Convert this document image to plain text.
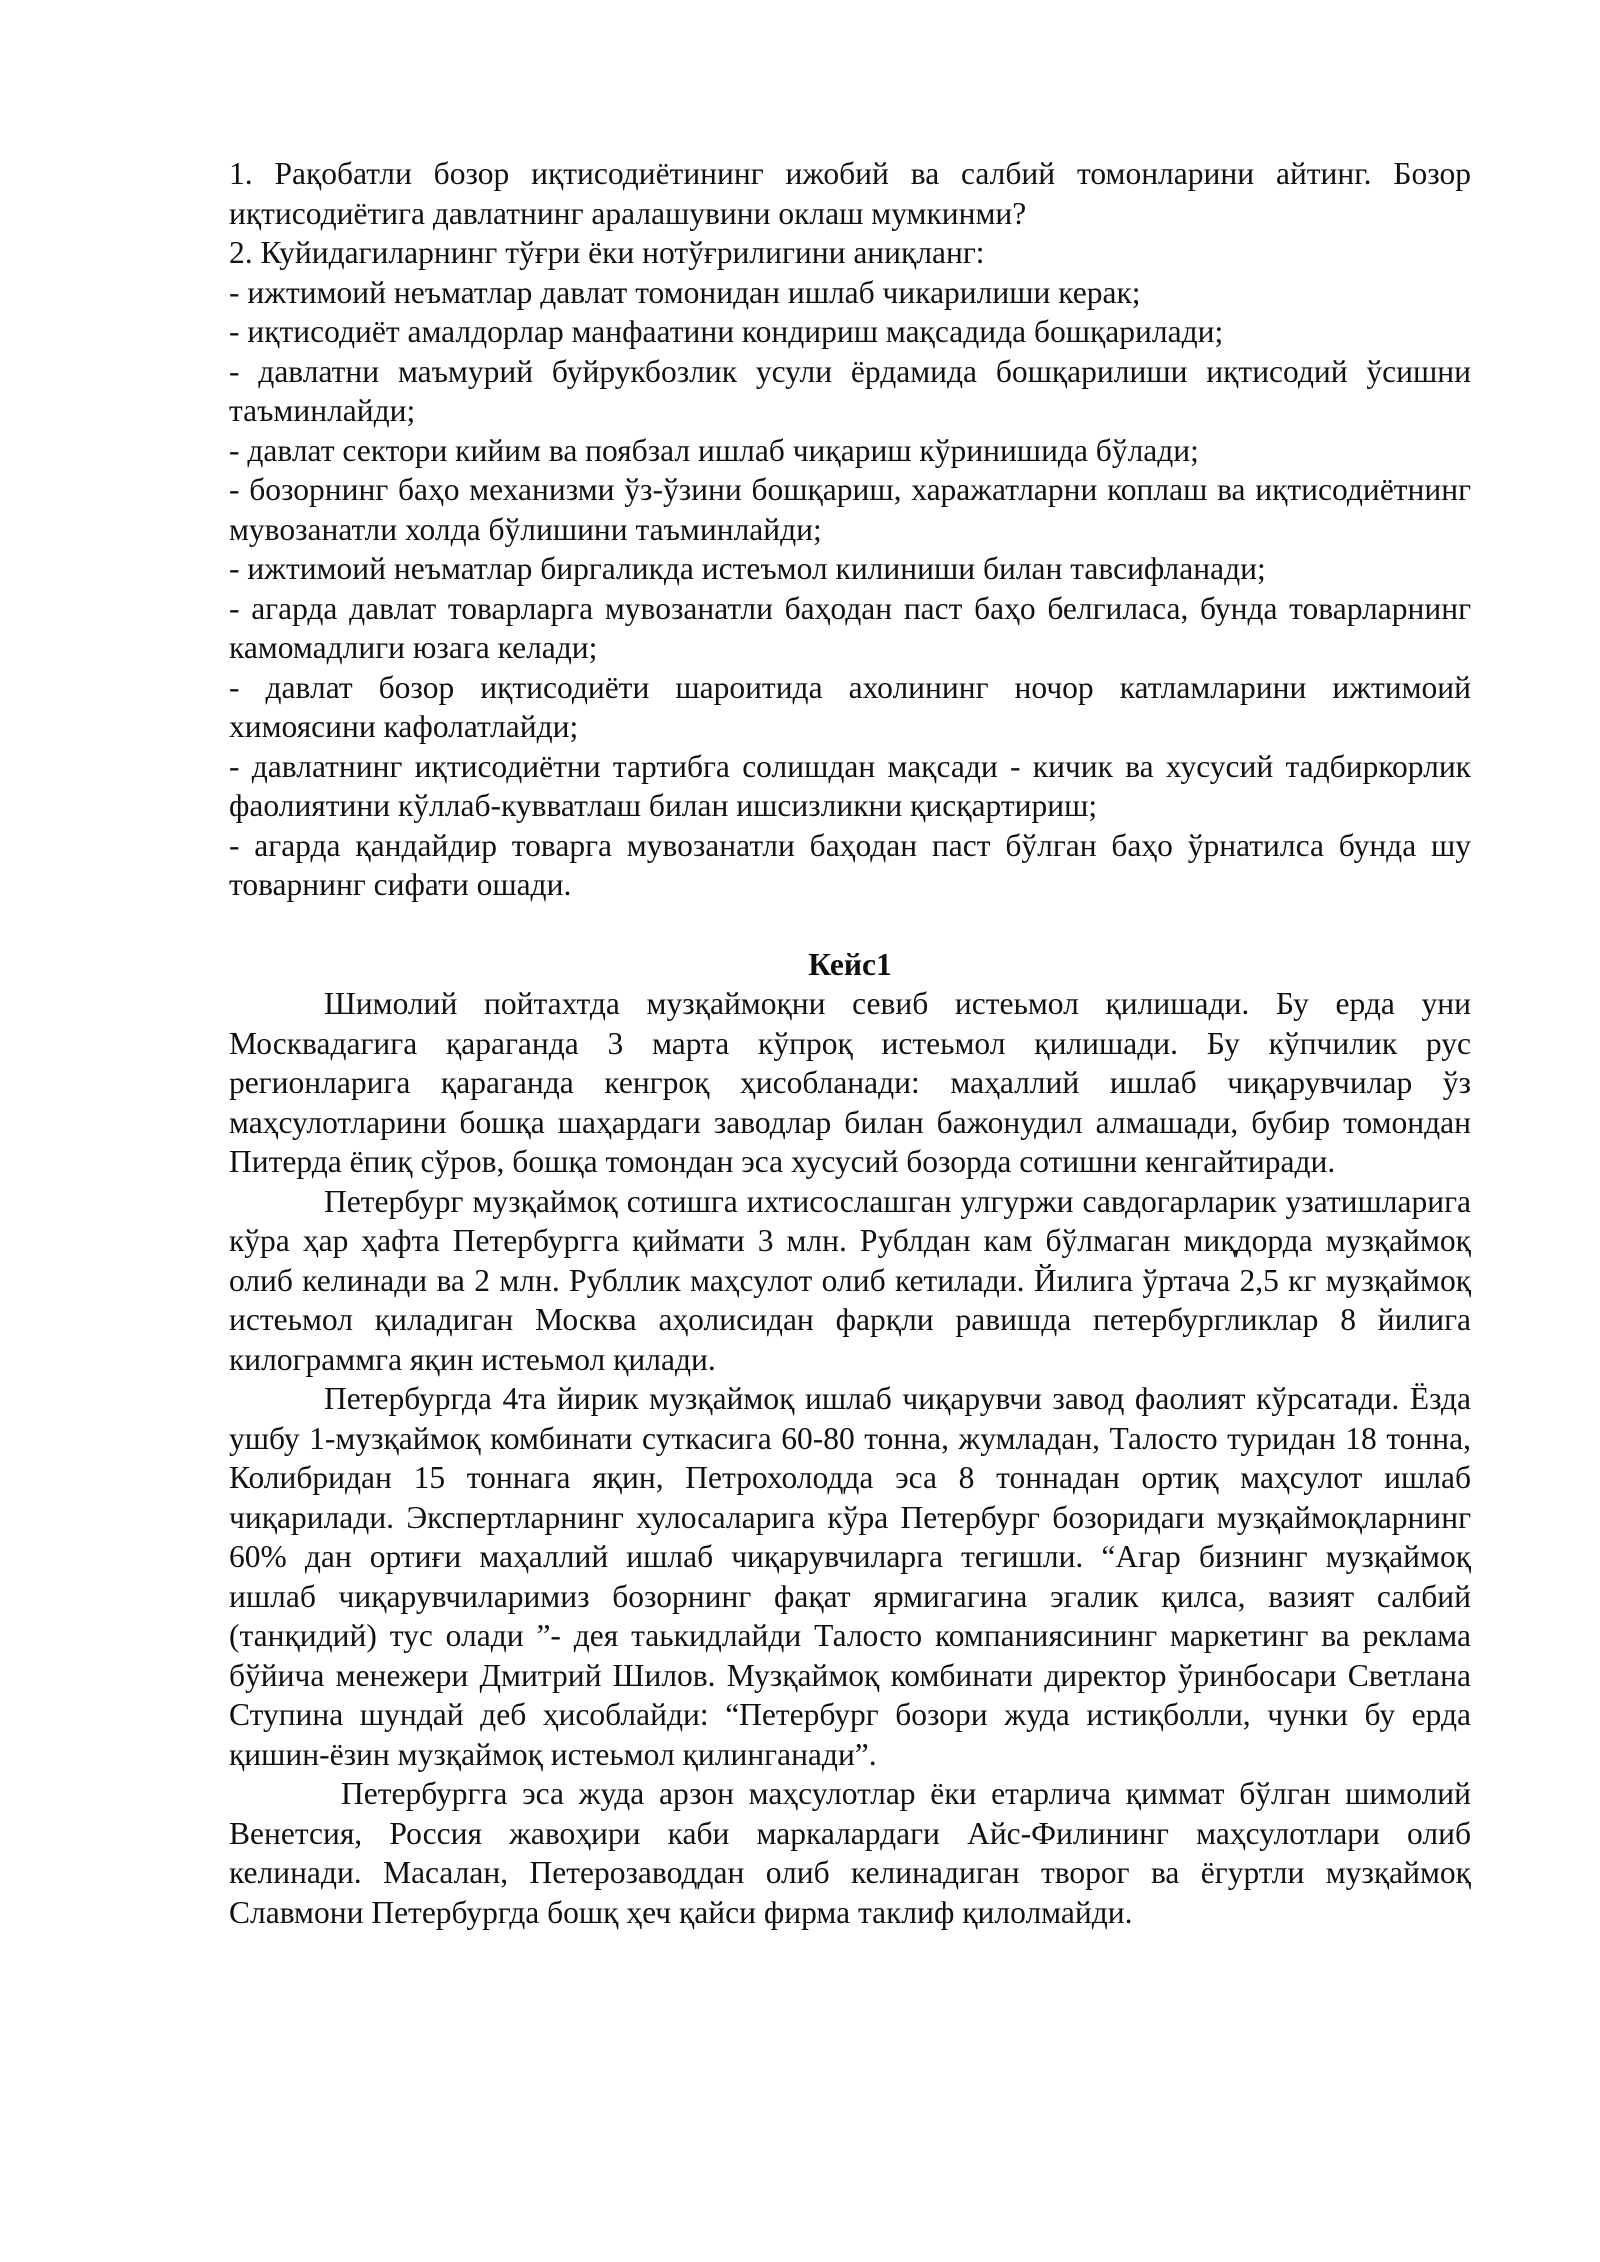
1. Рақобатли бозор иқтисодиётининг ижобий ва салбий томонларини айтинг. Бозор иқтисодиётига давлатнинг аралашувини оклаш мумкинми?

2. Куйидагиларнинг тўғри ёки нотўғрилигини аниқланг:

- ижтимоий неъматлар давлат томонидан ишлаб чикарилиши керак;

- иқтисодиёт амалдорлар манфаатини кондириш мақсадида бошқарилади;

- давлатни маъмурий буйрукбозлик усули ёрдамида бошқарилиши иқтисодий ўсишни таъминлайди;

- давлат сектори кийим ва поябзал ишлаб чиқариш кўринишида бўлади;

- бозорнинг баҳо механизми ўз-ўзини бошқариш, харажатларни коплаш ва иқтисодиётнинг мувозанатли холда бўлишини таъминлайди;

- ижтимоий неъматлар биргаликда истеъмол килиниши билан тавсифланади;

- агарда давлат товарларга мувозанатли баҳодан паст баҳо белгиласа, бунда товарларнинг камомадлиги юзага келади;

- давлат бозор иқтисодиёти шароитида ахолининг ночор катламларини ижтимоий химоясини кафолатлайди;

- давлатнинг иқтисодиётни тартибга солишдан мақсади - кичик ва хусусий тадбиркорлик фаолиятини кўллаб-кувватлаш билан ишсизликни қисқартириш;

- агарда қандайдир товарга мувозанатли баҳодан паст бўлган баҳо ўрнатилса бунда шу товарнинг сифати ошади.

Кейс1

Шимолий пойтахтда музқаймоқни севиб истеьмол қилишади. Бу ерда уни Москвадагига қараганда 3 марта кўпроқ истеьмол қилишади. Бу кўпчилик рус регионларига қараганда кенгроқ ҳисобланади: маҳаллий ишлаб чиқарувчилар ўз маҳсулотларини бошқа шаҳардаги заводлар билан бажонудил алмашади, бубир томондан Питерда ёпиқ сўров, бошқа томондан эса хусусий бозорда сотишни кенгайтиради.

Петербург музқаймоқ сотишга ихтисослашган улгуржи савдогарларик узатишларига кўра ҳар ҳафта Петербургга қиймати 3 млн. Рублдан кам бўлмаган миқдорда музқаймоқ олиб келинади ва 2 млн. Рубллик маҳсулот олиб кетилади. Йилига ўртача 2,5 кг музқаймоқ истеьмол қиладиган Москва аҳолисидан фарқли равишда петербургликлар 8 йилига килограммга яқин истеьмол қилади.

Петербургда 4та йирик музқаймоқ ишлаб чиқарувчи завод фаолият кўрсатади. Ёзда ушбу 1-музқаймоқ комбинати суткасига 60-80 тонна, жумладан, Талосто туридан 18 тонна, Колибридан 15 тоннага яқин, Петрохолодда эса 8 тоннадан ортиқ маҳсулот ишлаб чиқарилади. Экспертларнинг хулосаларига кўра Петербург бозоридаги музқаймоқларнинг 60% дан ортиғи маҳаллий ишлаб чиқарувчиларга тегишли. “Агар бизнинг музқаймоқ ишлаб чиқарувчиларимиз бозорнинг фақат ярмигагина эгалик қилса, вазият салбий (танқидий) тус олади ”- дея таькидлайди Талосто компаниясининг маркетинг ва реклама бўйича менежери Дмитрий Шилов. Музқаймоқ комбинати директор ўринбосари Светлана Ступина шундай деб ҳисоблайди: “Петербург бозори жуда истиқболли, чунки бу ерда қишин-ёзин музқаймоқ истеьмол қилинганади”.

Петербургга эса жуда арзон маҳсулотлар ёки етарлича қиммат бўлган шимолий Венетсия, Россия жавоҳири каби маркалардаги Айс-Филининг маҳсулотлари олиб келинади. Масалан, Петерозаводдан олиб келинадиган творог ва ёгуртли музқаймоқ Славмони Петербургда бошқ ҳеч қайси фирма таклиф қилолмайди.
